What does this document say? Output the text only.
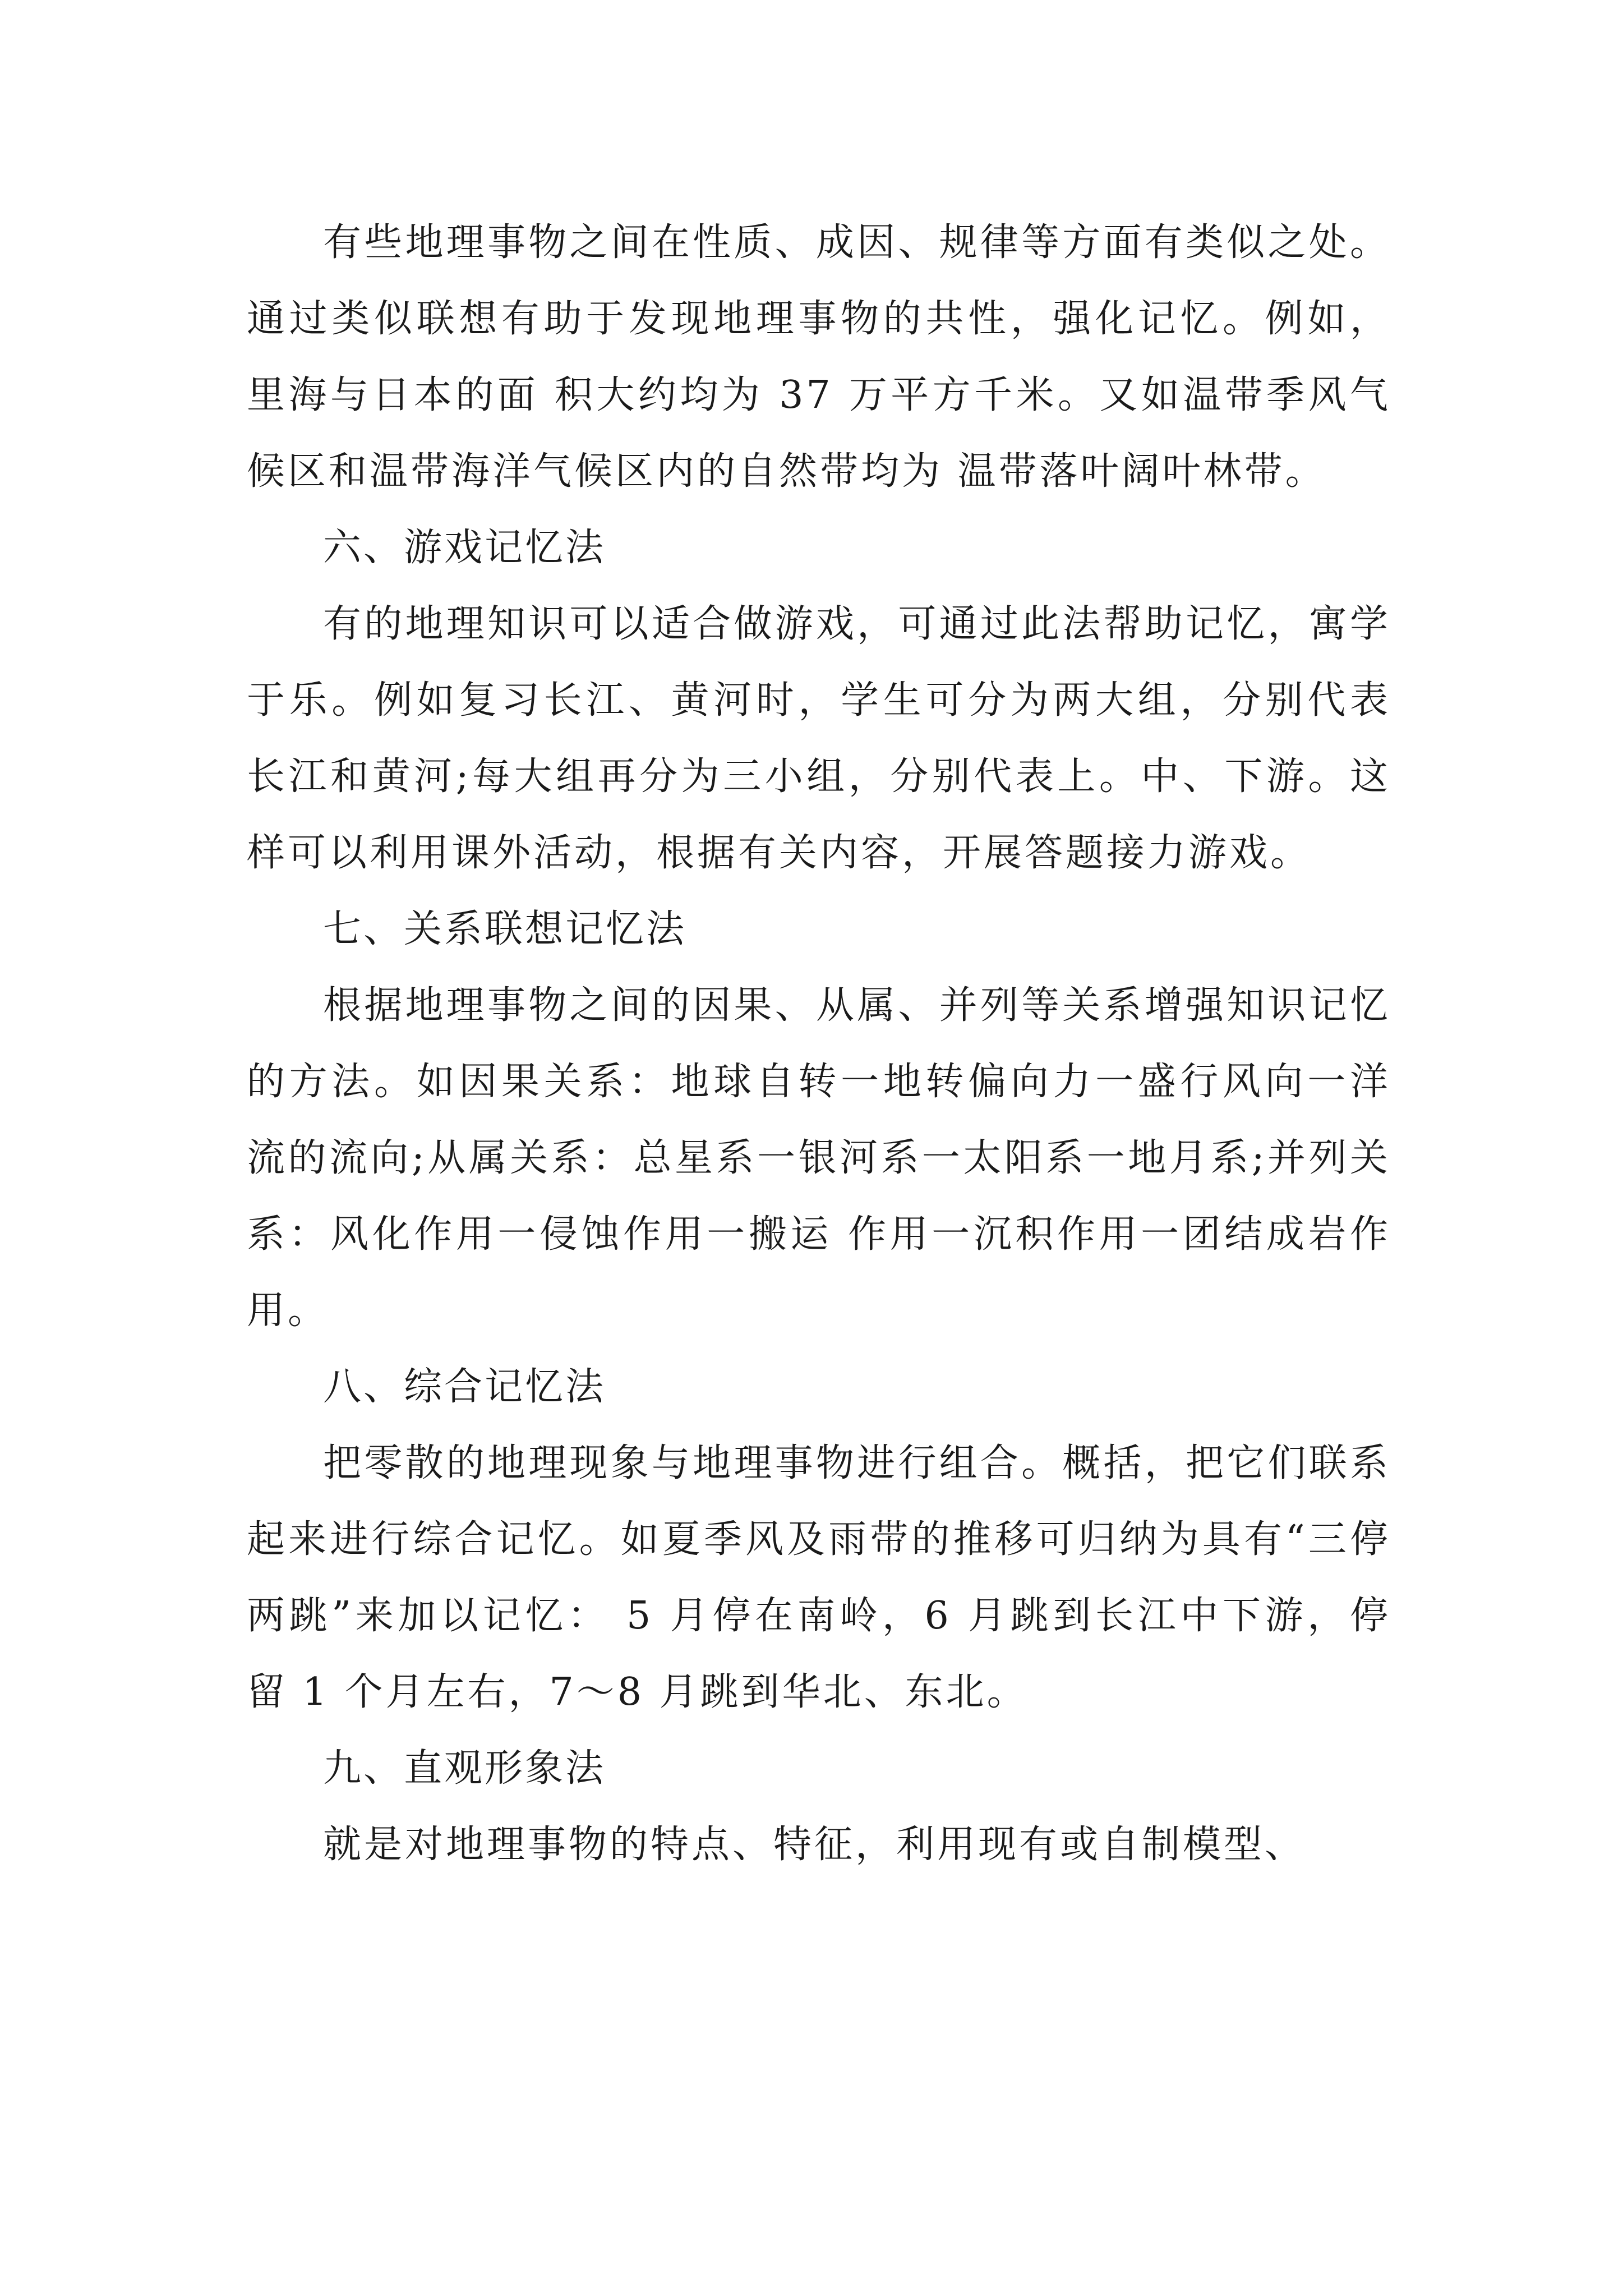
有些地理事物之间在性质、成因、规律等方面有类似之处。通过类似联想有助于发现地理事物的共性，强化记忆。例如，里海与日本的面 积大约均为 37 万平方千米。又如温带季风气候区和温带海洋气候区内的自然带均为 温带落叶阔叶林带。

六、游戏记忆法

有的地理知识可以适合做游戏，可通过此法帮助记忆，寓学于乐。例如复习长江、黄河时，学生可分为两大组，分别代表长江和黄河;每大组再分为三小组，分别代表上。中、下游。这样可以利用课外活动，根据有关内容，开展答题接力游戏。

七、关系联想记忆法

根据地理事物之间的因果、从属、并列等关系增强知识记忆的方法。如因果关系：地球自转一地转偏向力一盛行风向一洋流的流向;从属关系：总星系一银河系一太阳系一地月系;并列关系：风化作用一侵蚀作用一搬运 作用一沉积作用一团结成岩作用。

八、综合记忆法

把零散的地理现象与地理事物进行组合。概括，把它们联系起来进行综合记忆。如夏季风及雨带的推移可归纳为具有“三停两跳”来加以记忆： 5 月停在南岭，6 月跳到长江中下游，停留 1 个月左右，7～8 月跳到华北、东北。

九、直观形象法

就是对地理事物的特点、特征，利用现有或自制模型、
